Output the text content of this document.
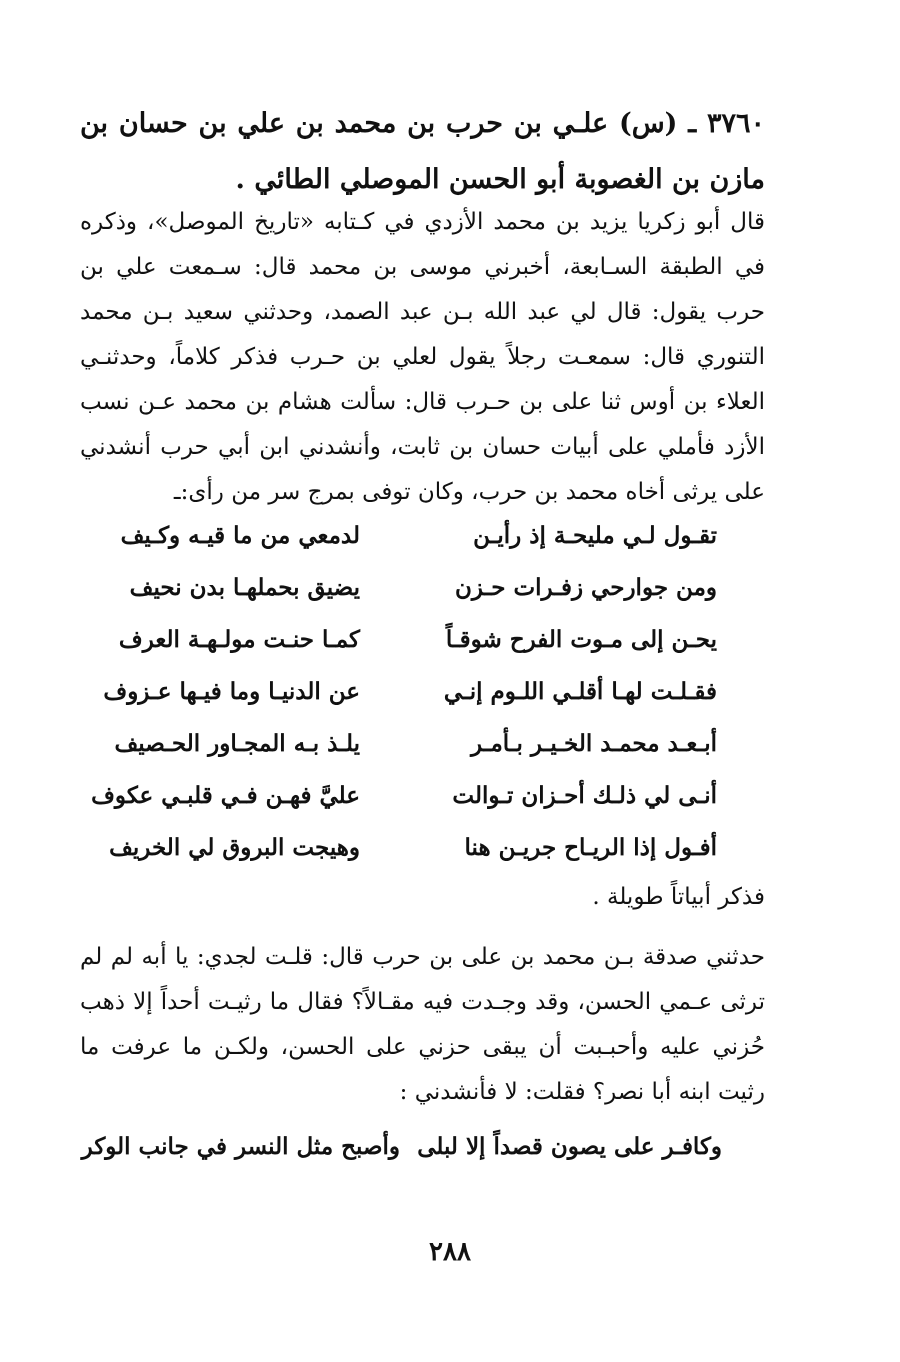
٣٧٦٠ ـ (س) علـي بن حرب بن محمد بن علي بن حسان بن مازن بن الغصوبة أبو الحسن الموصلي الطائي .
قال أبو زكريا يزيد بن محمد الأزدي في كـتابه «تاريخ الموصل»، وذكره في الطبقة السـابعة، أخبرني موسى بن محمد قال: سـمعت علي بن حرب يقول: قال لي عبد الله بـن عبد الصمد، وحدثني سعيد بـن محمد التنوري قال: سمعـت رجلاً يقول لعلي بن حـرب فذكر كلاماً، وحدثنـي العلاء بن أوس ثنا على بن حـرب قال: سألت هشام بن محمد عـن نسب الأزد فأملي على أبيات حسان بن ثابت، وأنشدني ابن أبي حرب أنشدني على يرثى أخاه محمد بن حرب، وكان توفى بمرج سر من رأى:ـ
تقـول لـي مليحـة إذ رأيـن
لدمعي من ما قيـه وكـيف
ومن جوارحي زفـرات حـزن
يضيق بحملهـا بدن نحيف
يحـن إلى مـوت الفرح شوقـاً
كمـا حنـت مولـهـة العرف
فقـلـت لهـا أقلـي اللـوم إنـي
عن الدنيـا وما فيـها عـزوف
أبـعـد محمـد الخـيـر بـأمـر
يلـذ بـه المجـاور الحـصيف
أنـى لي ذلـك أحـزان تـوالت
عليَّ فهـن فـي قلبـي عكوف
أفـول إذا الريـاح جريـن هنا
وهيجت البروق لي الخريف
فذكر أبياتاً طويلة .
حدثني صدقة بـن محمد بن على بن حرب قال: قلـت لجدي: يا أبه لم لم ترثى عـمي الحسن، وقد وجـدت فيه مقـالاً؟ فقال ما رثيـت أحداً إلا ذهب حُزني عليه وأحبـبت أن يبقى حزني على الحسن، ولكـن ما عرفت ما رثيت ابنه أبا نصر؟ فقلت: لا فأنشدني :
وكافـر على يصون قصداً إلا لبلى
وأصبح مثل النسر في جانب الوكر
٢٨٨
